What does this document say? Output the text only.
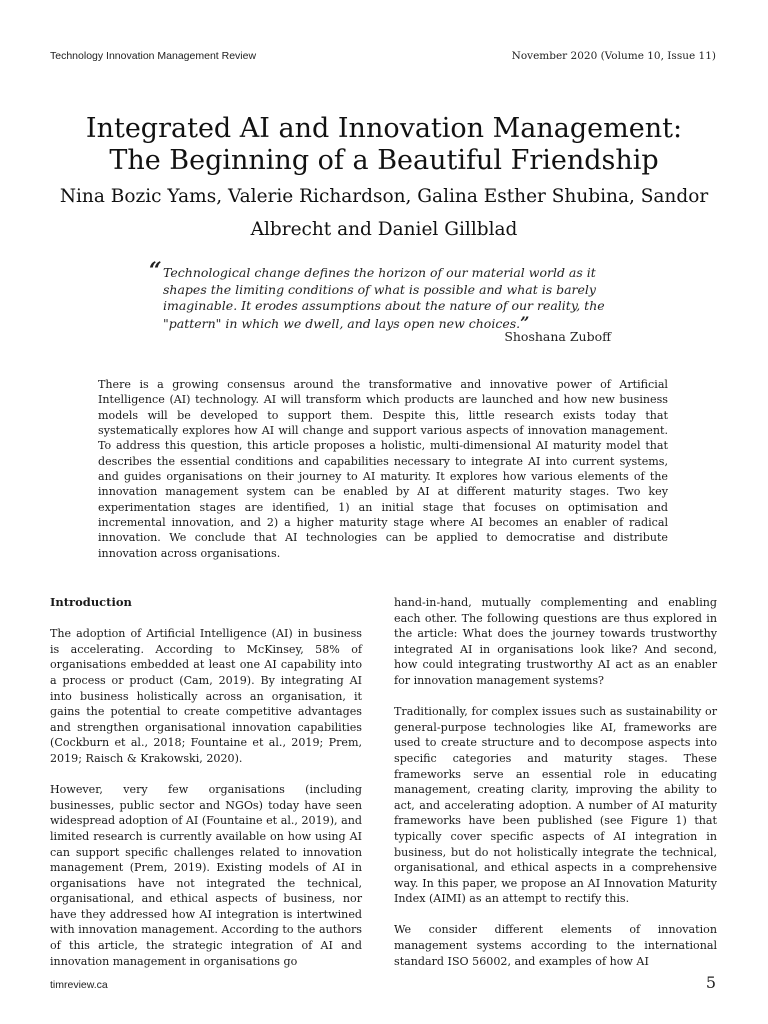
Technology Innovation Management Review	November 2020 (Volume 10, Issue 11)
Integrated AI and Innovation Management:
The Beginning of a Beautiful Friendship
Nina Bozic Yams, Valerie Richardson, Galina Esther Shubina, Sandor Albrecht and Daniel Gillblad
“ Technological change defines the horizon of our material world as it shapes the limiting conditions of what is possible and what is barely imaginable. It erodes assumptions about the nature of our reality, the "pattern" in which we dwell, and lays open new choices.”
Shoshana Zuboff
There is a growing consensus around the transformative and innovative power of Artificial Intelligence (AI) technology. AI will transform which products are launched and how new business models will be developed to support them. Despite this, little research exists today that systematically explores how AI will change and support various aspects of innovation management. To address this question, this article proposes a holistic, multi-dimensional AI maturity model that describes the essential conditions and capabilities necessary to integrate AI into current systems, and guides organisations on their journey to AI maturity. It explores how various elements of the innovation management system can be enabled by AI at different maturity stages. Two key experimentation stages are identified, 1) an initial stage that focuses on optimisation and incremental innovation, and 2) a higher maturity stage where AI becomes an enabler of radical innovation. We conclude that AI technologies can be applied to democratise and distribute innovation across organisations.
Introduction

The adoption of Artificial Intelligence (AI) in business is accelerating. According to McKinsey, 58% of organisations embedded at least one AI capability into a process or product (Cam, 2019). By integrating AI into business holistically across an organisation, it gains the potential to create competitive advantages and strengthen organisational innovation capabilities (Cockburn et al., 2018; Fountaine et al., 2019; Prem, 2019; Raisch & Krakowski, 2020).

However, very few organisations (including businesses, public sector and NGOs) today have seen widespread adoption of AI (Fountaine et al., 2019), and limited research is currently available on how using AI can support specific challenges related to innovation management (Prem, 2019). Existing models of AI in organisations have not integrated the technical, organisational, and ethical aspects of business, nor have they addressed how AI integration is intertwined with innovation management. According to the authors of this article, the strategic integration of AI and innovation management in organisations go

hand-in-hand, mutually complementing and enabling each other. The following questions are thus explored in the article: What does the journey towards trustworthy integrated AI in organisations look like? And second, how could integrating trustworthy AI act as an enabler for innovation management systems?

Traditionally, for complex issues such as sustainability or general-purpose technologies like AI, frameworks are used to create structure and to decompose aspects into specific categories and maturity stages. These frameworks serve an essential role in educating management, creating clarity, improving the ability to act, and accelerating adoption. A number of AI maturity frameworks have been published (see Figure 1) that typically cover specific aspects of AI integration in business, but do not holistically integrate the technical, organisational, and ethical aspects in a comprehensive way. In this paper, we propose an AI Innovation Maturity Index (AIMI) as an attempt to rectify this.

We consider different elements of innovation management systems according to the international standard ISO 56002, and examples of how AI

timreview.ca	5
